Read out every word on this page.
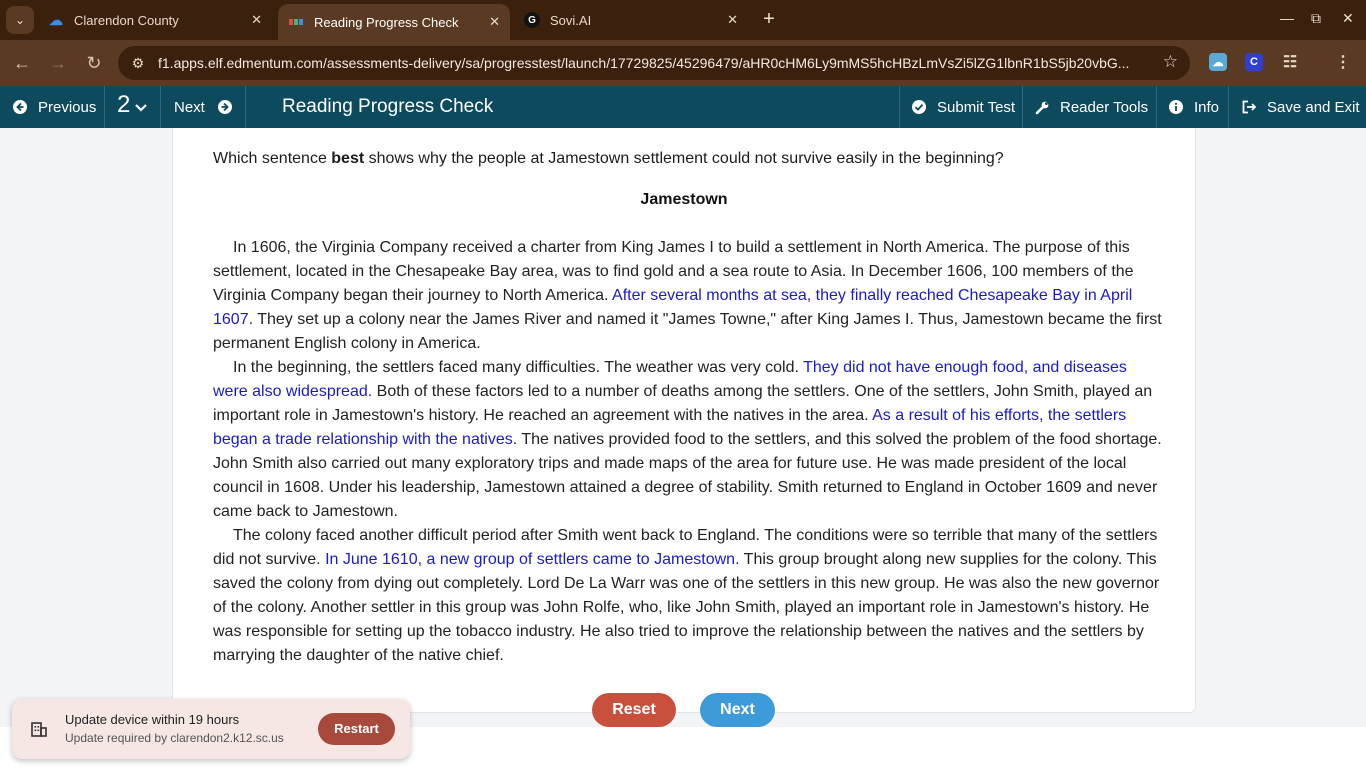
⌄	☁ Clarendon County	✕	Reading Progress Check ✕	G	Sovi.AI	✕ +	— ⧉ ✕
← → ↻	⚙ f1.apps.elf.edmentum.com/assessments-delivery/sa/progresstest/launch/17729825/45296479/aHR0cHM6Ly9mMS5hcHBzLmVsZi5lZG1lbnR1bS5jb20vbG...	☆	☁	C	☷ ⋮
Previous 2	Next	Reading Progress Check	Submit Test	Reader Tools	Info	Save and Exit
Which sentence best shows why the people at Jamestown settlement could not survive easily in the beginning?
Jamestown

In 1606, the Virginia Company received a charter from King James I to build a settlement in North America. The purpose of this settlement, located in the Chesapeake Bay area, was to find gold and a sea route to Asia. In December 1606, 100 members of the Virginia Company began their journey to North America. After several months at sea, they finally reached Chesapeake Bay in April 1607. They set up a colony near the James River and named it "James Towne," after King James I. Thus, Jamestown became the first permanent English colony in America.

In the beginning, the settlers faced many difficulties. The weather was very cold. They did not have enough food, and diseases were also widespread. Both of these factors led to a number of deaths among the settlers. One of the settlers, John Smith, played an important role in Jamestown's history. He reached an agreement with the natives in the area. As a result of his efforts, the settlers began a trade relationship with the natives. The natives provided food to the settlers, and this solved the problem of the food shortage. John Smith also carried out many exploratory trips and made maps of the area for future use. He was made president of the local council in 1608. Under his leadership, Jamestown attained a degree of stability. Smith returned to England in October 1609 and never came back to Jamestown.

The colony faced another difficult period after Smith went back to England. The conditions were so terrible that many of the settlers did not survive. In June 1610, a new group of settlers came to Jamestown. This group brought along new supplies for the colony. This saved the colony from dying out completely. Lord De La Warr was one of the settlers in this new group. He was also the new governor of the colony. Another settler in this group was John Rolfe, who, like John Smith, played an important role in Jamestown's history. He was responsible for setting up the tobacco industry. He also tried to improve the relationship between the natives and the settlers by marrying the daughter of the native chief.

Reset	Next
Update device within 19 hours
Update required by clarendon2.k12.sc.us
Restart
